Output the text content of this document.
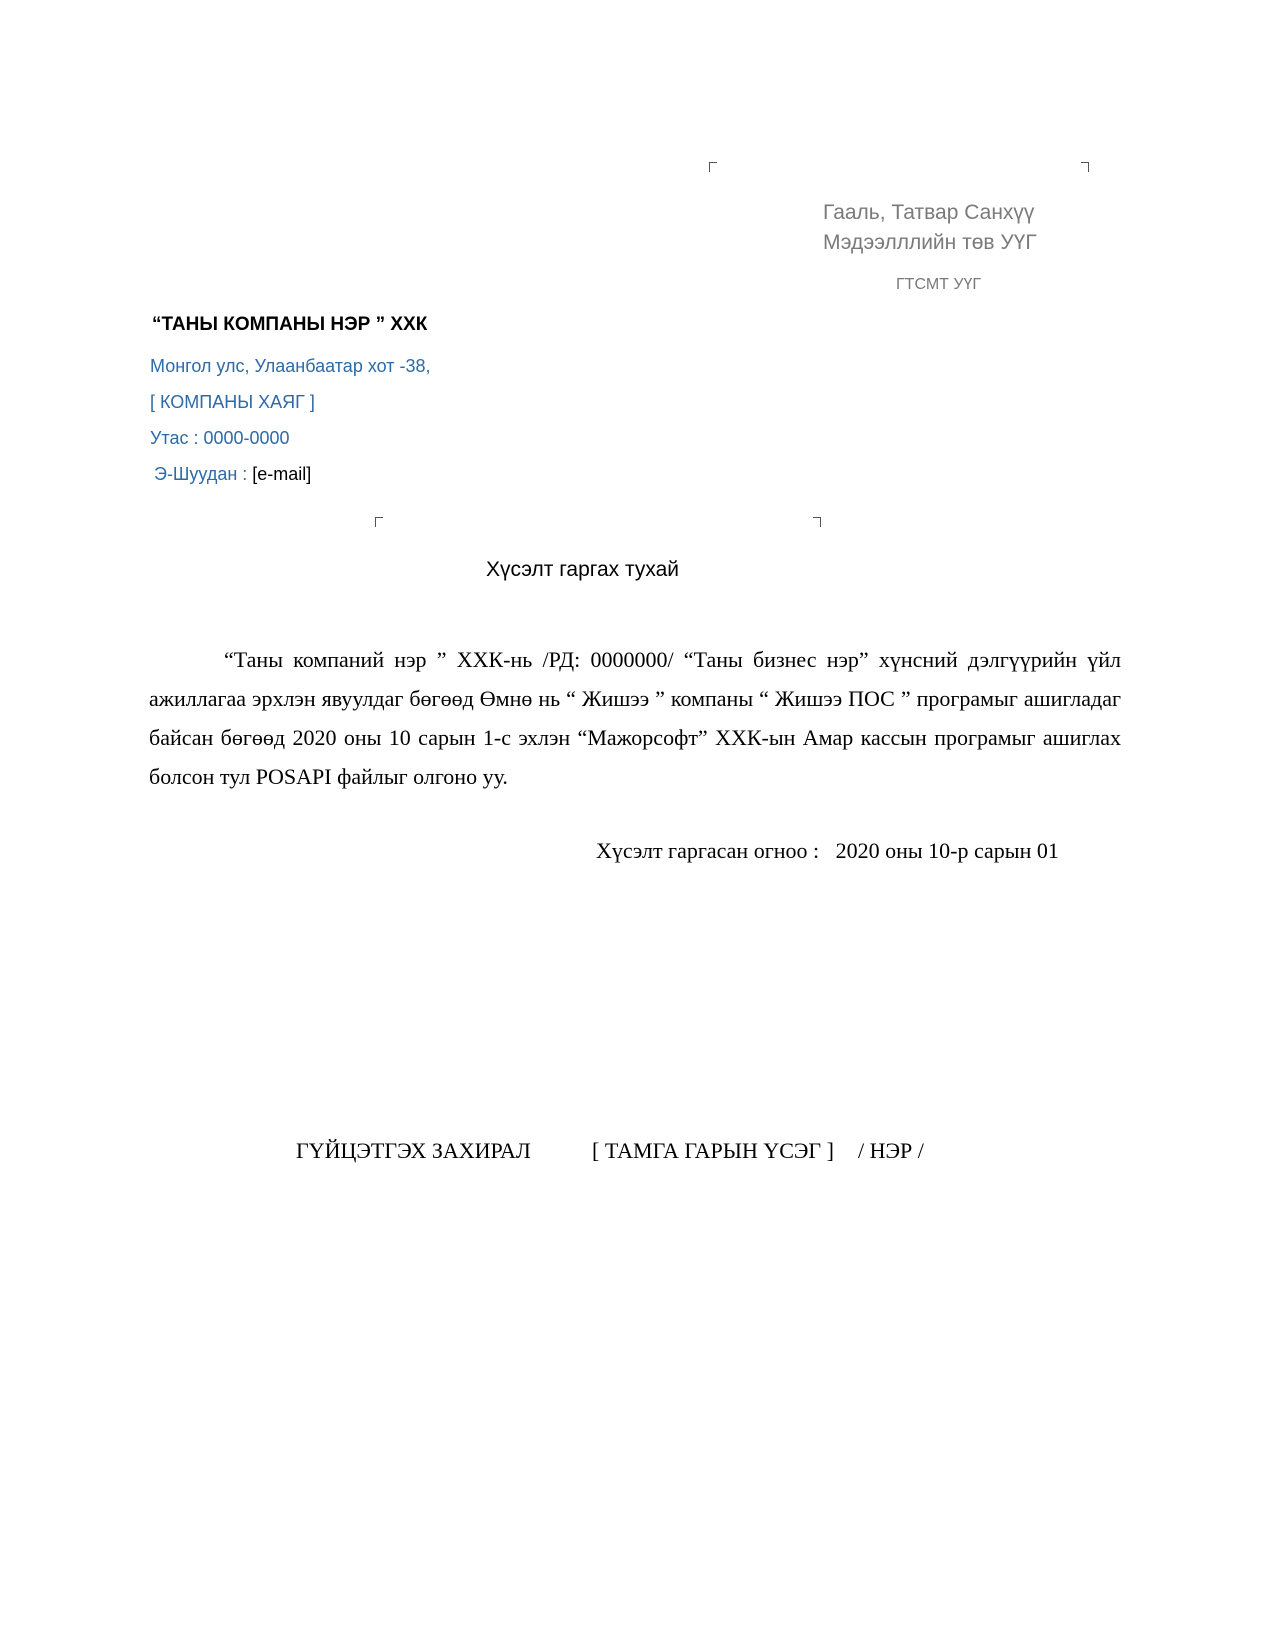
Гааль, Татвар Санхүү
Мэдээлллийн төв УҮГ
ГТСМТ УҮГ
“ТАНЫ КОМПАНЫ НЭР ” ХХК
Монгол улс, Улаанбаатар хот -38,
[ КОМПАНЫ ХАЯГ ]
Утас : 0000-0000
Э-Шуудан : [e-mail]
Хүсэлт гаргах тухай
“Таны компаний нэр ” ХХК-нь /РД: 0000000/ “Таны бизнес нэр” хүнсний дэлгүүрийн үйл ажиллагаа эрхлэн явуулдаг бөгөөд Өмнө нь “ Жишээ ” компаны “ Жишээ ПОС ” програмыг ашигладаг байсан бөгөөд 2020 оны 10 сарын 1-с эхлэн “Мажорсофт” ХХК-ын Амар кассын програмыг ашиглах болсон тул POSAPI файлыг олгоно уу.
Хүсэлт гаргасан огноо : 2020 оны 10-р сарын 01
ГҮЙЦЭТГЭХ ЗАХИРАЛ	[ ТАМГА ГАРЫН ҮСЭГ ] / НЭР /
